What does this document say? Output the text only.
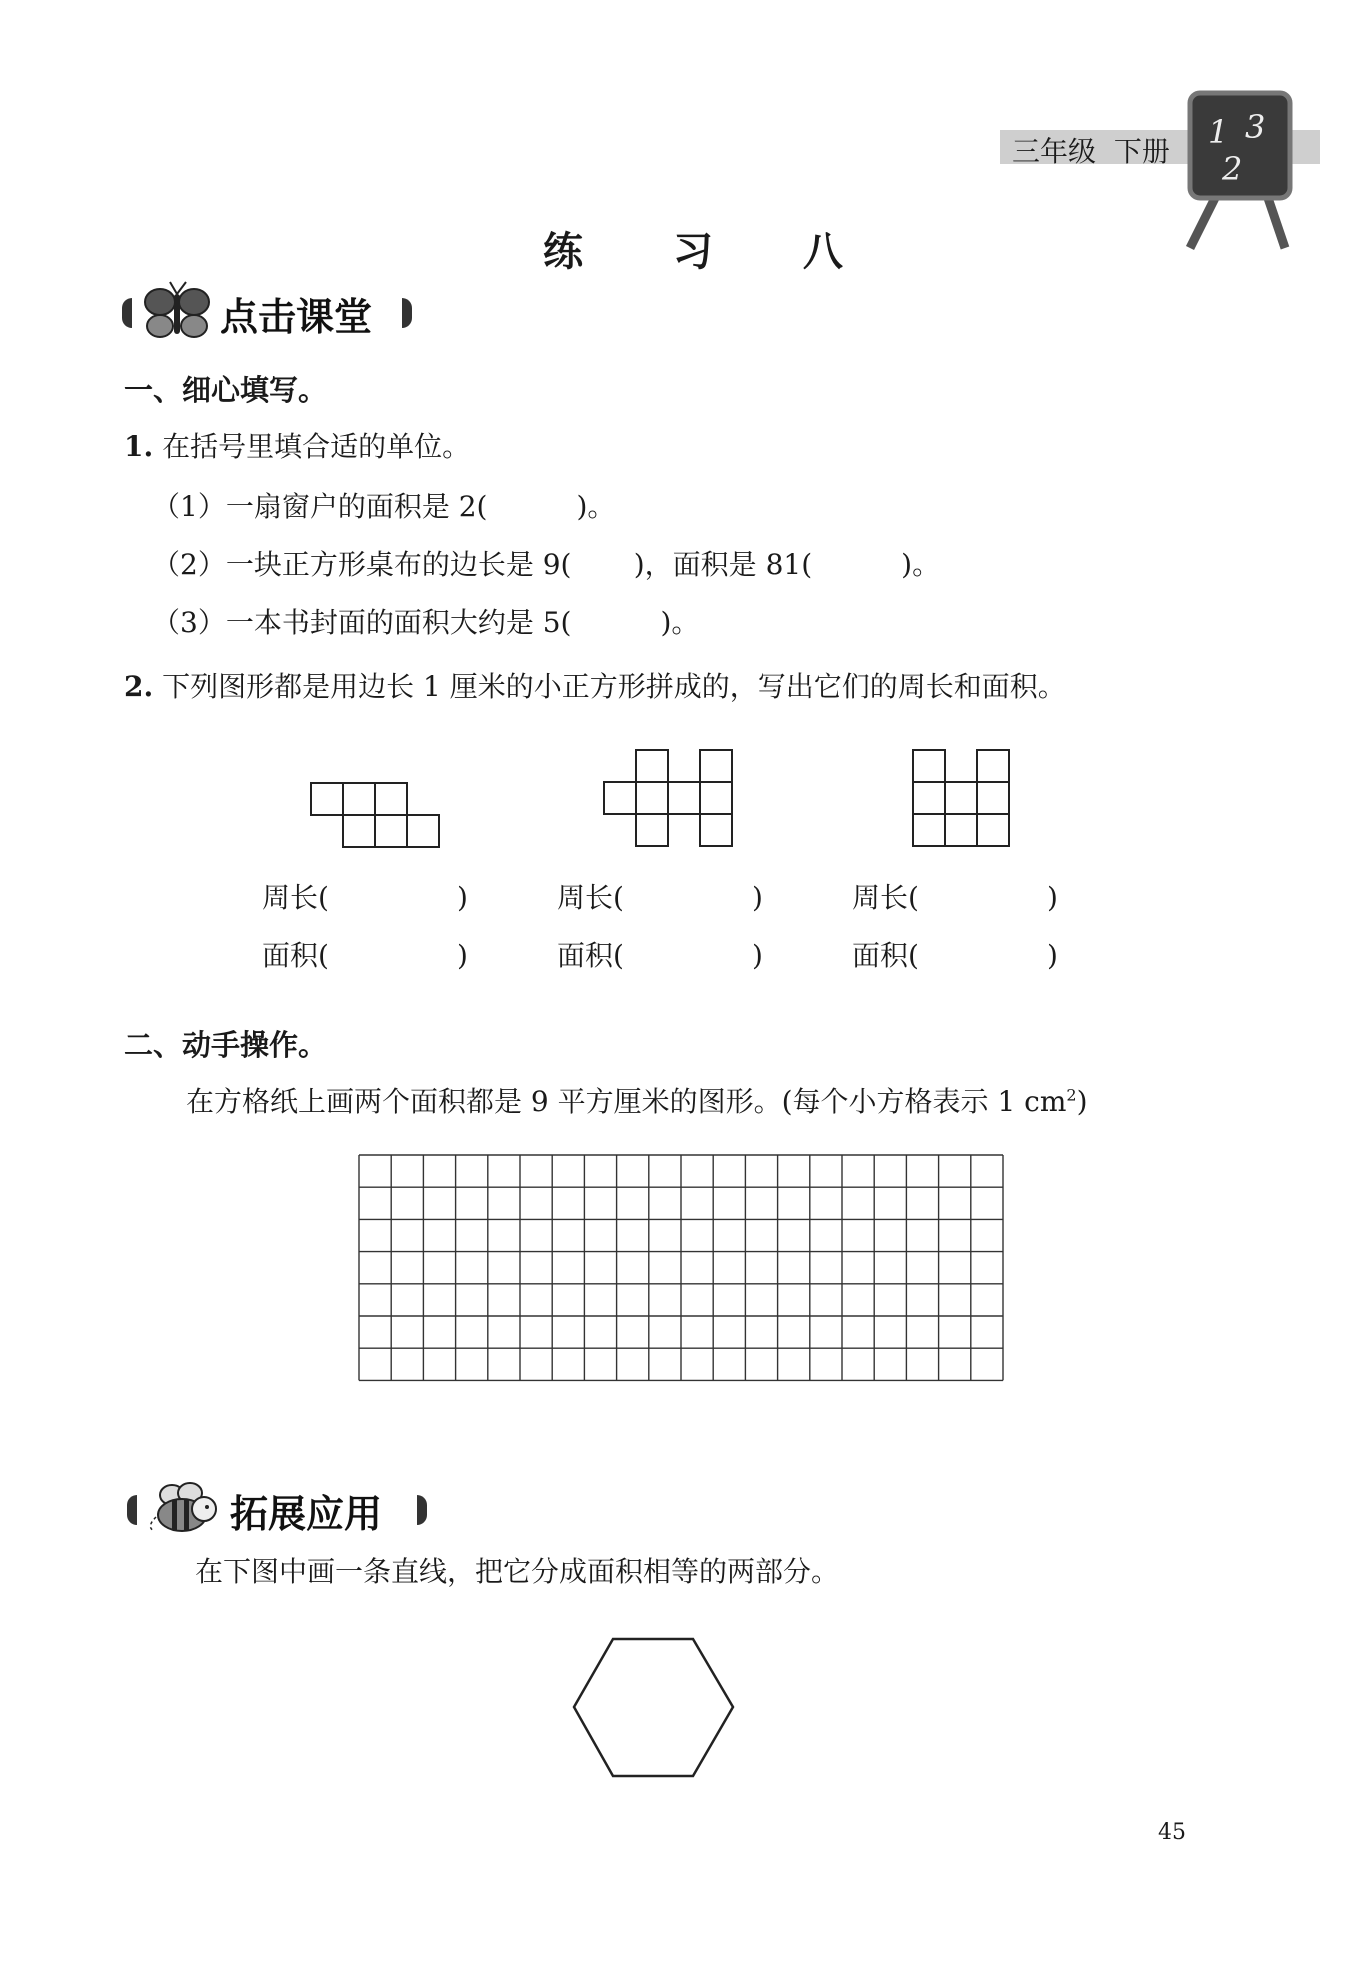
三年级 下册
1 3
2
练 习 八
点击课堂
一、细心填写。
1. 在括号里填合适的单位。
（1）一扇窗户的面积是 2(          )。
（2）一块正方形桌布的边长是 9(       )，面积是 81(          )。
（3）一本书封面的面积大约是 5(          )。
2. 下列图形都是用边长 1 厘米的小正方形拼成的，写出它们的周长和面积。
周长(	)
面积(	)
周长(	)
面积(	)
周长(	)
面积(	)
二、动手操作。
在方格纸上画两个面积都是 9 平方厘米的图形。(每个小方格表示 1 $cm^2$)
拓展应用
在下图中画一条直线，把它分成面积相等的两部分。
45
